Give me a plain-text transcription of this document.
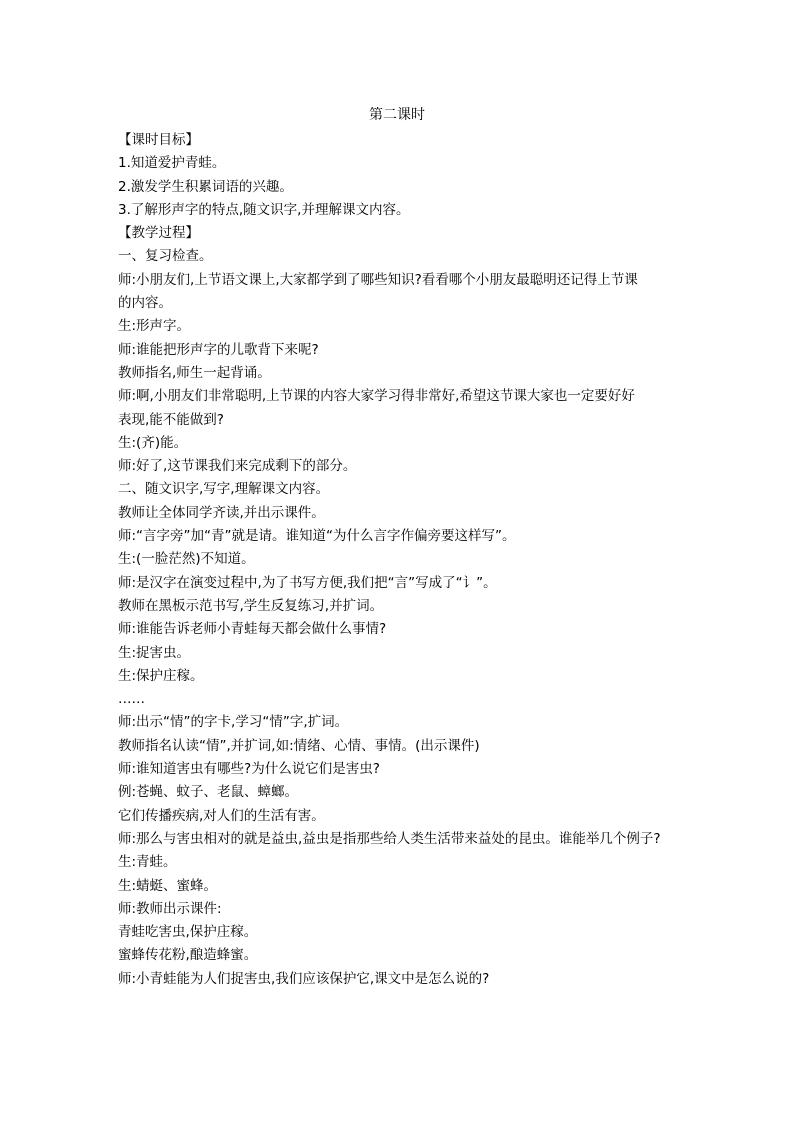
第二课时
【课时目标】
1.知道爱护青蛙。
2.激发学生积累词语的兴趣。
3.了解形声字的特点,随文识字,并理解课文内容。
【教学过程】
一、复习检查。
师:小朋友们,上节语文课上,大家都学到了哪些知识?看看哪个小朋友最聪明还记得上节课
的内容。
生:形声字。
师:谁能把形声字的儿歌背下来呢?
教师指名,师生一起背诵。
师:啊,小朋友们非常聪明,上节课的内容大家学习得非常好,希望这节课大家也一定要好好
表现,能不能做到?
生:(齐)能。
师:好了,这节课我们来完成剩下的部分。
二、随文识字,写字,理解课文内容。
教师让全体同学齐读,并出示课件。
师:“言字旁”加“青”就是请。谁知道“为什么言字作偏旁要这样写”。
生:(一脸茫然)不知道。
师:是汉字在演变过程中,为了书写方便,我们把“言”写成了“讠”。
教师在黑板示范书写,学生反复练习,并扩词。
师:谁能告诉老师小青蛙每天都会做什么事情?
生:捉害虫。
生:保护庄稼。
……
师:出示“情”的字卡,学习“情”字,扩词。
教师指名认读“情”,并扩词,如:情绪、心情、事情。(出示课件)
师:谁知道害虫有哪些?为什么说它们是害虫?
例:苍蝇、蚊子、老鼠、蟑螂。
它们传播疾病,对人们的生活有害。
师:那么与害虫相对的就是益虫,益虫是指那些给人类生活带来益处的昆虫。谁能举几个例子?
生:青蛙。
生:蜻蜓、蜜蜂。
师:教师出示课件:
青蛙吃害虫,保护庄稼。
蜜蜂传花粉,酿造蜂蜜。
师:小青蛙能为人们捉害虫,我们应该保护它,课文中是怎么说的?
